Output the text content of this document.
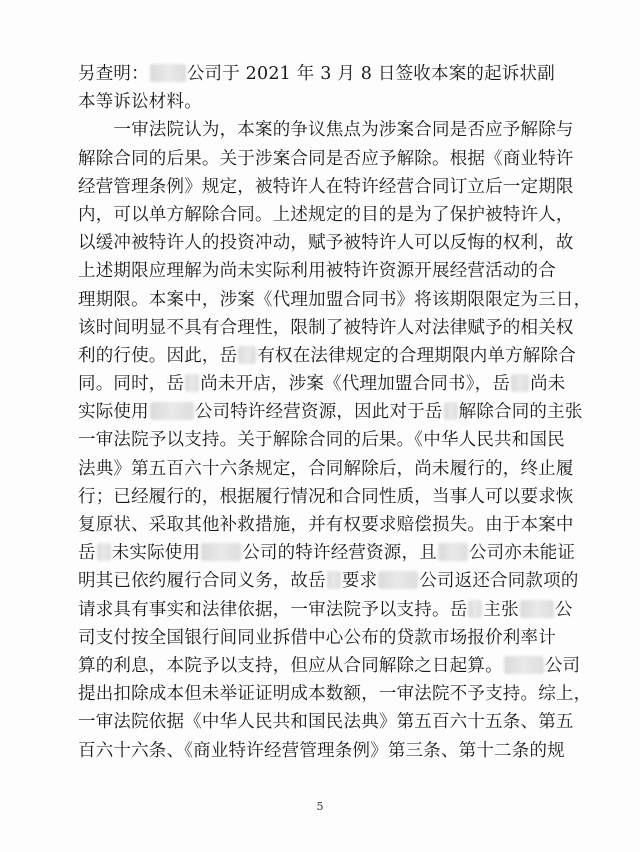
另查明： 公司于 2021 年 3 月 8 日签收本案的起诉状副
本等诉讼材料。
　　一审法院认为，本案的争议焦点为涉案合同是否应予解除与
解除合同的后果。关于涉案合同是否应予解除。根据《商业特许
经营管理条例》规定，被特许人在特许经营合同订立后一定期限
内，可以单方解除合同。上述规定的目的是为了保护被特许人，
以缓冲被特许人的投资冲动，赋予被特许人可以反悔的权利，故
上述期限应理解为尚未实际利用被特许资源开展经营活动的合
理期限。本案中，涉案《代理加盟合同书》将该期限限定为三日，
该时间明显不具有合理性，限制了被特许人对法律赋予的相关权
利的行使。因此，岳 有权在法律规定的合理期限内单方解除合
同。同时，岳 尚未开店，涉案《代理加盟合同书》，岳 尚未
实际使用	公司特许经营资源，因此对于岳 解除合同的主张
一审法院予以支持。关于解除合同的后果。《中华人民共和国民
法典》第五百六十六条规定，合同解除后，尚未履行的，终止履
行；已经履行的，根据履行情况和合同性质，当事人可以要求恢
复原状、采取其他补救措施，并有权要求赔偿损失。由于本案中
岳 未实际使用 公司的特许经营资源，且 公司亦未能证
明其已依约履行合同义务，故岳 要求 公司返还合同款项的
请求具有事实和法律依据，一审法院予以支持。岳 主张 公
司支付按全国银行间同业拆借中心公布的贷款市场报价利率计
算的利息，本院予以支持，但应从合同解除之日起算。 公司
提出扣除成本但未举证证明成本数额，一审法院不予支持。综上，
一审法院依据《中华人民共和国民法典》第五百六十五条、第五
百六十六条、《商业特许经营管理条例》第三条、第十二条的规
5
